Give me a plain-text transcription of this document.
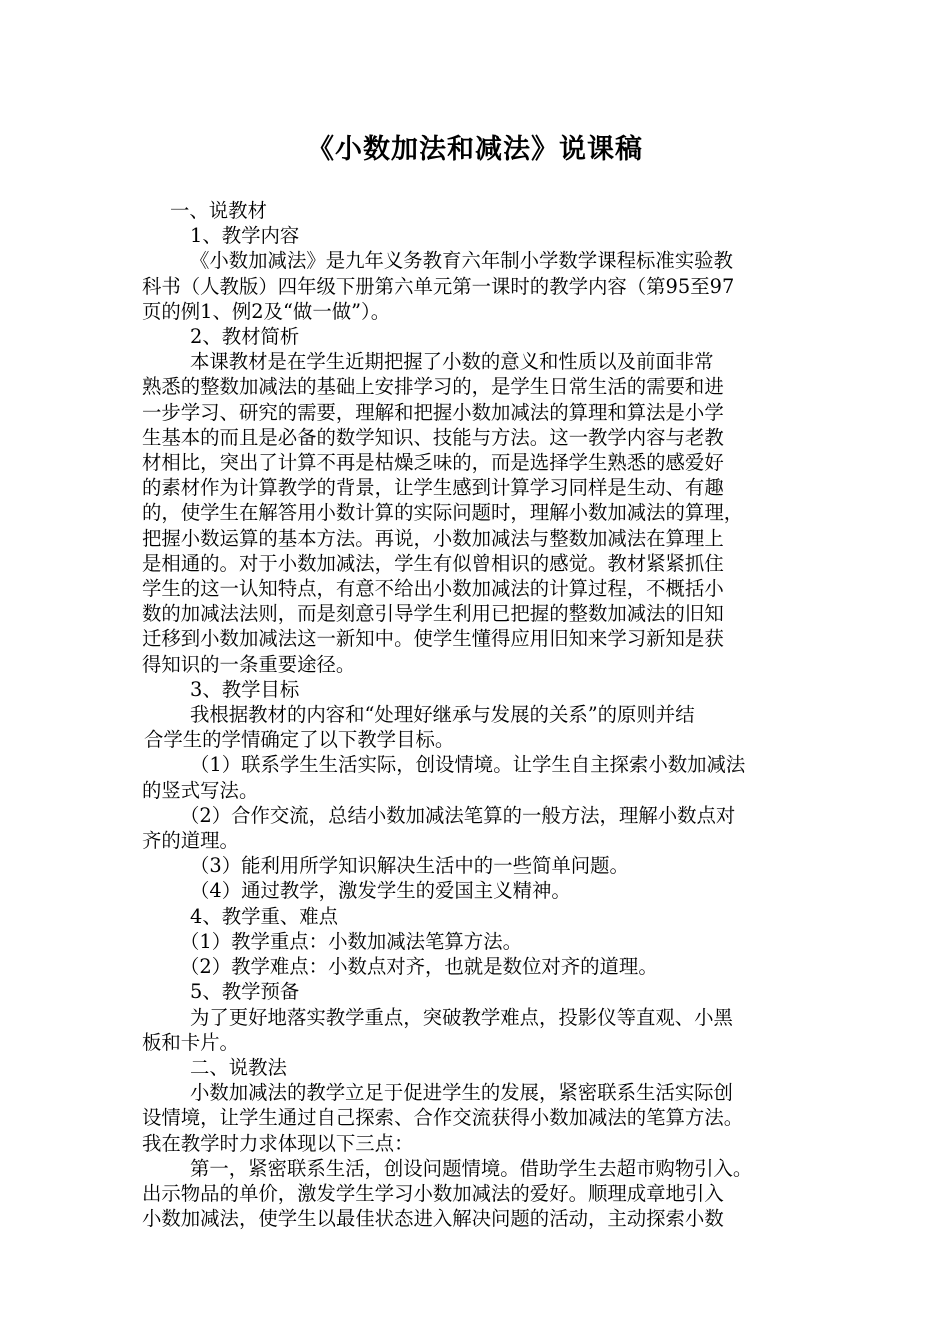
《小数加法和减法》说课稿
一、说教材
1、教学内容
《小数加减法》是九年义务教育六年制小学数学课程标准实验教
科书（人教版）四年级下册第六单元第一课时的教学内容（第95至97
页的例1、例2及“做一做”）。
2、教材简析
本课教材是在学生近期把握了小数的意义和性质以及前面非常
熟悉的整数加减法的基础上安排学习的，是学生日常生活的需要和进
一步学习、研究的需要，理解和把握小数加减法的算理和算法是小学
生基本的而且是必备的数学知识、技能与方法。这一教学内容与老教
材相比，突出了计算不再是枯燥乏味的，而是选择学生熟悉的感爱好
的素材作为计算教学的背景，让学生感到计算学习同样是生动、有趣
的，使学生在解答用小数计算的实际问题时，理解小数加减法的算理，
把握小数运算的基本方法。再说，小数加减法与整数加减法在算理上
是相通的。对于小数加减法，学生有似曾相识的感觉。教材紧紧抓住
学生的这一认知特点，有意不给出小数加减法的计算过程，不概括小
数的加减法法则，而是刻意引导学生利用已把握的整数加减法的旧知
迁移到小数加减法这一新知中。使学生懂得应用旧知来学习新知是获
得知识的一条重要途径。
3、教学目标
我根据教材的内容和“处理好继承与发展的关系”的原则并结
合学生的学情确定了以下教学目标。
（1）联系学生生活实际，创设情境。让学生自主探索小数加减法
的竖式写法。
（2）合作交流，总结小数加减法笔算的一般方法，理解小数点对
齐的道理。
（3）能利用所学知识解决生活中的一些简单问题。
（4）通过教学，激发学生的爱国主义精神。
4、教学重、难点
（1）教学重点：小数加减法笔算方法。
（2）教学难点：小数点对齐，也就是数位对齐的道理。
5、教学预备
为了更好地落实教学重点，突破教学难点，投影仪等直观、小黑
板和卡片。
二、说教法
小数加减法的教学立足于促进学生的发展，紧密联系生活实际创
设情境，让学生通过自己探索、合作交流获得小数加减法的笔算方法。
我在教学时力求体现以下三点：
第一，紧密联系生活，创设问题情境。借助学生去超市购物引入。
出示物品的单价，激发学生学习小数加减法的爱好。顺理成章地引入
小数加减法，使学生以最佳状态进入解决问题的活动，主动探索小数
